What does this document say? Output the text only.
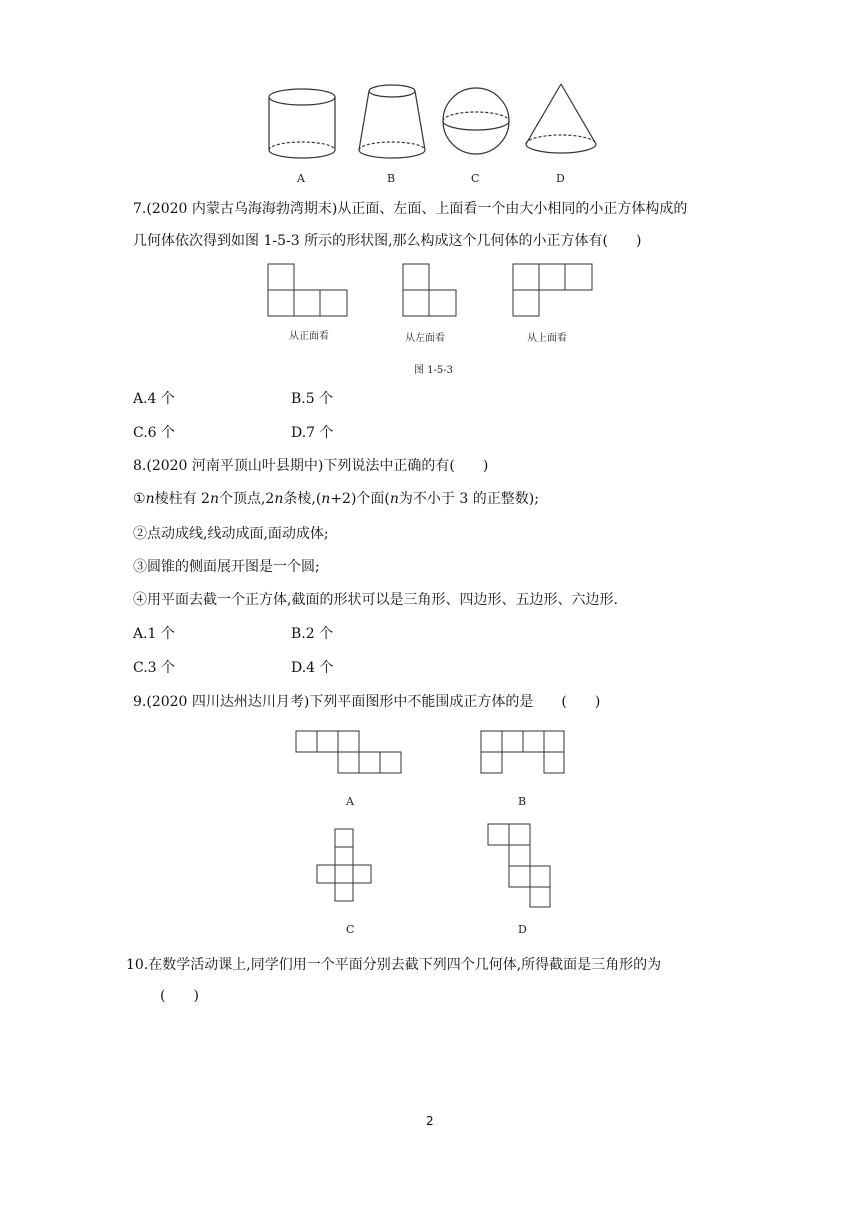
A	B	C	D
7.(2020 内蒙古乌海海勃湾期末)从正面、左面、上面看一个由大小相同的小正方体构成的
几何体依次得到如图 1-5-3 所示的形状图,那么构成这个几何体的小正方体有(　　)
从正面看	从左面看	从上面看
图 1-5-3
A.4 个	B.5 个
C.6 个	D.7 个
8.(2020 河南平顶山叶县期中)下列说法中正确的有(　　)
①n棱柱有 2n个顶点,2n条棱,(n+2)个面(n为不小于 3 的正整数);
②点动成线,线动成面,面动成体;
③圆锥的侧面展开图是一个圆;
④用平面去截一个正方体,截面的形状可以是三角形、四边形、五边形、六边形.
A.1 个	B.2 个
C.3 个	D.4 个
9.(2020 四川达州达川月考)下列平面图形中不能围成正方体的是　　(　　)
A	B
C	D
10.在数学活动课上,同学们用一个平面分别去截下列四个几何体,所得截面是三角形的为
(　　)
2
